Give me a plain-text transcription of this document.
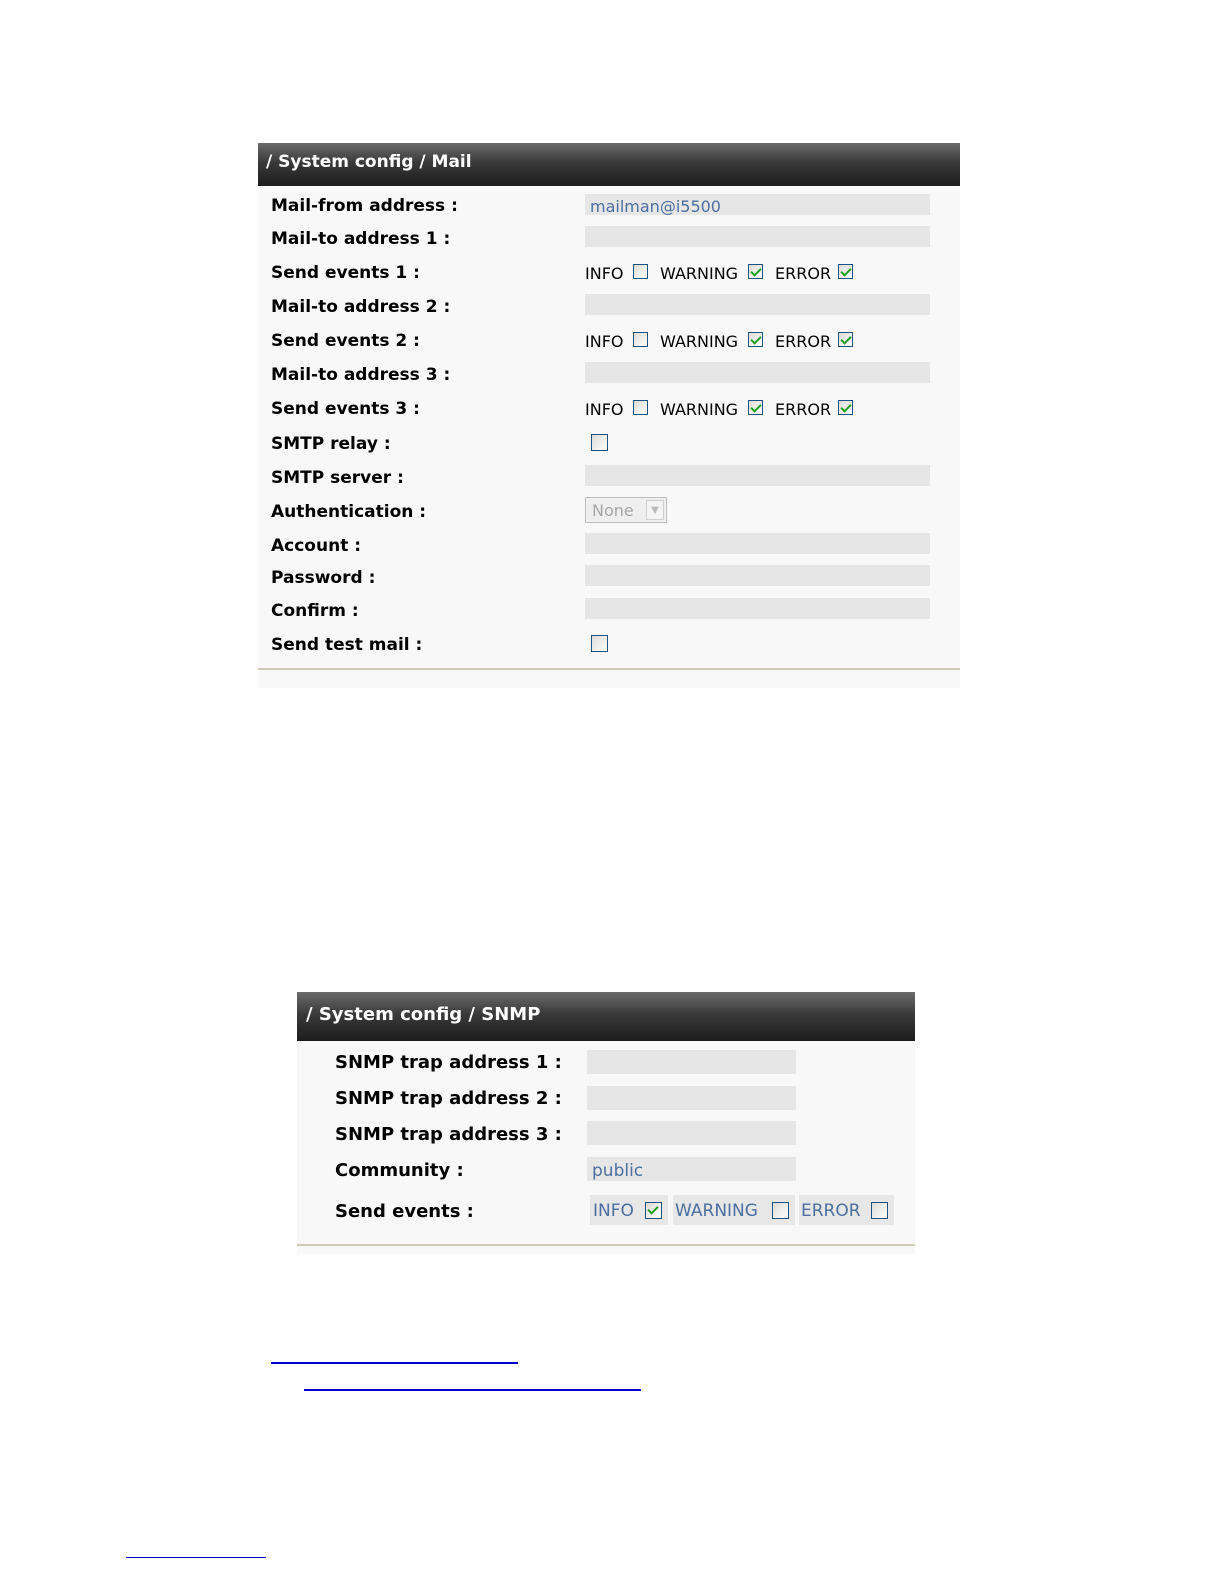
/ System config / Mail
Mail-from address :	mailman@i5500
Mail-to address 1 :
Send events 1 :	INFO WARNING ERROR
Mail-to address 2 :
Send events 2 :	INFO WARNING ERROR
Mail-to address 3 :
Send events 3 :	INFO WARNING ERROR
SMTP relay :
SMTP server :
Authentication :	None	▼
Account :
Password :
Confirm :
Send test mail :
/ System config / SNMP
SNMP trap address 1 :
SNMP trap address 2 :
SNMP trap address 3 :
Community :	public
Send events :	INFO WARNING	ERROR
